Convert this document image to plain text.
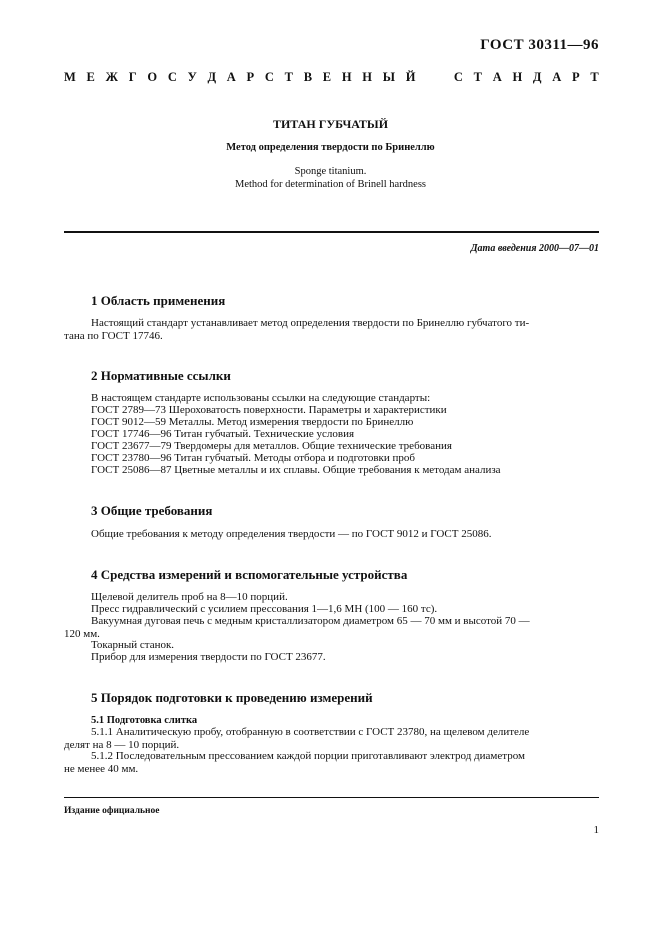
ГОСТ 30311—96
М Е Ж Г О С У Д А Р С Т В Е Н Н Ы Й

	С Т А Н Д А Р Т
ТИТАН ГУБЧАТЫЙ
Метод определения твердости по Бринеллю
Sponge titanium.
Method for determination of Brinell hardness
Дата введения 2000—07—01
1 Область применения
Настоящий стандарт устанавливает метод определения твердости по Бринеллю губчатого ти-
тана по ГОСТ 17746.
2 Нормативные ссылки
В настоящем стандарте использованы ссылки на следующие стандарты:
ГОСТ 2789—73 Шероховатость поверхности. Параметры и характеристики
ГОСТ 9012—59 Металлы. Метод измерения твердости по Бринеллю
ГОСТ 17746—96 Титан губчатый. Технические условия
ГОСТ 23677—79 Твердомеры для металлов. Общие технические требования
ГОСТ 23780—96 Титан губчатый. Методы отбора и подготовки проб
ГОСТ 25086—87 Цветные металлы и их сплавы. Общие требования к методам анализа
3 Общие требования
Общие требования к методу определения твердости — по ГОСТ 9012 и ГОСТ 25086.
4 Средства измерений и вспомогательные устройства
Щелевой делитель проб на 8—10 порций.
Пресс гидравлический с усилием прессования 1—1,6 МН (100 — 160 тс).
Вакуумная дуговая печь с медным кристаллизатором диаметром 65 — 70 мм и высотой 70 —
120 мм.
Токарный станок.
Прибор для измерения твердости по ГОСТ 23677.
5 Порядок подготовки к проведению измерений
5.1 Подготовка слитка
5.1.1 Аналитическую пробу, отобранную в соответствии с ГОСТ 23780, на щелевом делителе
делят на 8 — 10 порций.
5.1.2 Последовательным прессованием каждой порции приготавливают электрод диаметром
не менее 40 мм.
Издание официальное
1
